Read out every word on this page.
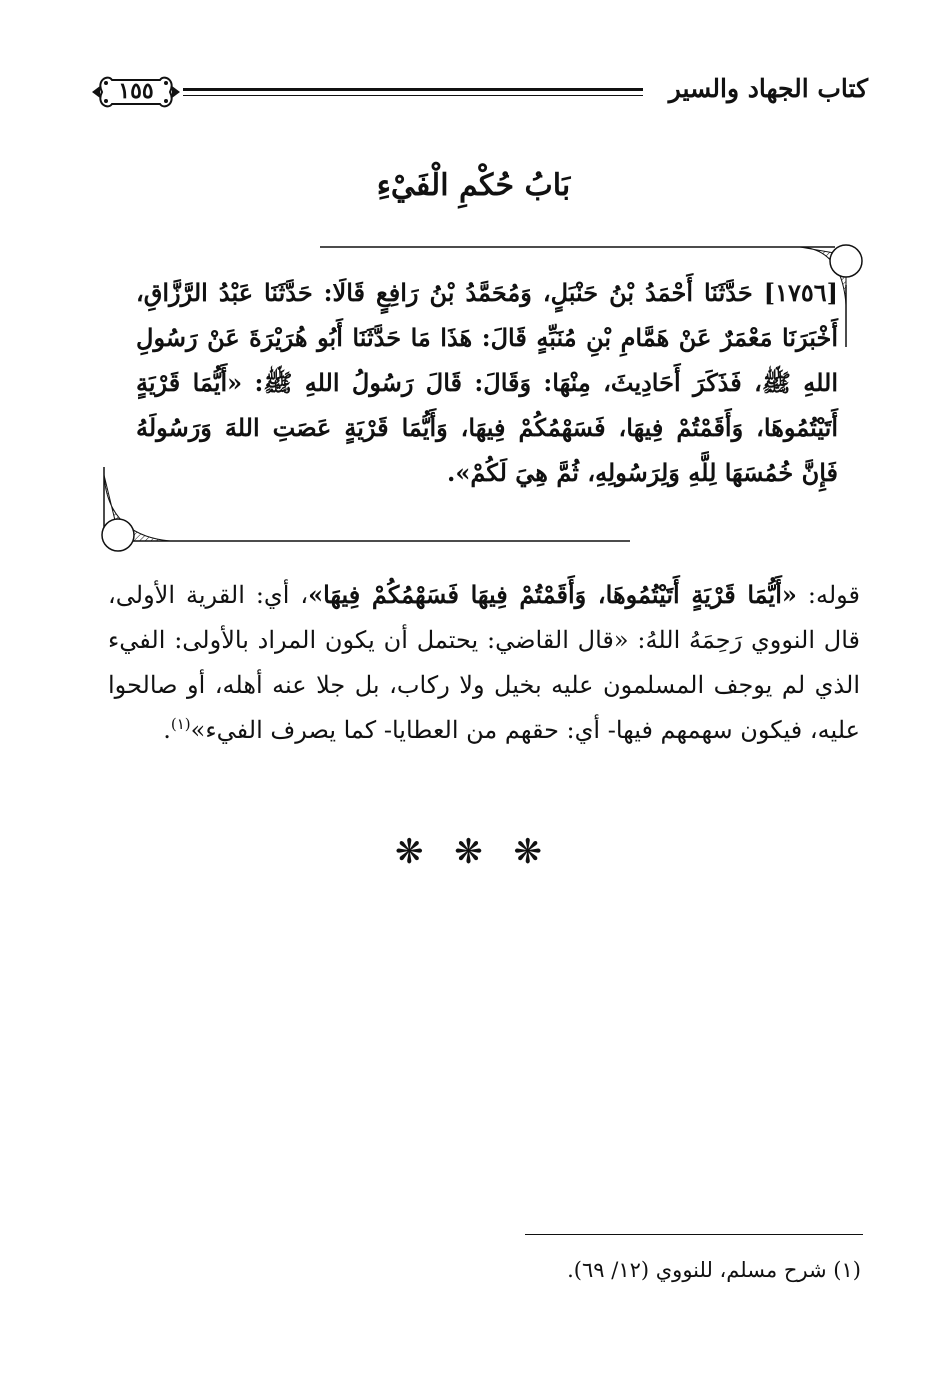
كتاب الجهاد والسير
١٥٥
بَابُ حُكْمِ الْفَيْءِ
[١٧٥٦] حَدَّثَنَا أَحْمَدُ بْنُ حَنْبَلٍ، وَمُحَمَّدُ بْنُ رَافِعٍ قَالَا: حَدَّثَنَا عَبْدُ الرَّزَّاقِ، أَخْبَرَنَا مَعْمَرٌ عَنْ هَمَّامِ بْنِ مُنَبِّهٍ قَالَ: هَذَا مَا حَدَّثَنَا أَبُو هُرَيْرَةَ عَنْ رَسُولِ اللهِ ﷺ، فَذَكَرَ أَحَادِيثَ، مِنْهَا: وَقَالَ: قَالَ رَسُولُ اللهِ ﷺ: «أَيُّمَا قَرْيَةٍ أَتَيْتُمُوهَا، وَأَقَمْتُمْ فِيهَا، فَسَهْمُكُمْ فِيهَا، وَأَيُّمَا قَرْيَةٍ عَصَتِ اللهَ وَرَسُولَهُ فَإِنَّ خُمُسَهَا لِلَّهِ وَلِرَسُولِهِ، ثُمَّ هِيَ لَكُمْ».
قوله: «أَيُّمَا قَرْيَةٍ أَتَيْتُمُوهَا، وَأَقَمْتُمْ فِيهَا فَسَهْمُكُمْ فِيهَا»، أي: القرية الأولى، قال النووي رَحِمَهُ اللهُ: «قال القاضي: يحتمل أن يكون المراد بالأولى: الفيء الذي لم يوجف المسلمون عليه بخيل ولا ركاب، بل جلا عنه أهله، أو صالحوا عليه، فيكون سهمهم فيها- أي: حقهم من العطايا- كما يصرف الفيء»$^{(١)}$.
❋ ❋ ❋
(١) شرح مسلم، للنووي (١٢/ ٦٩).
